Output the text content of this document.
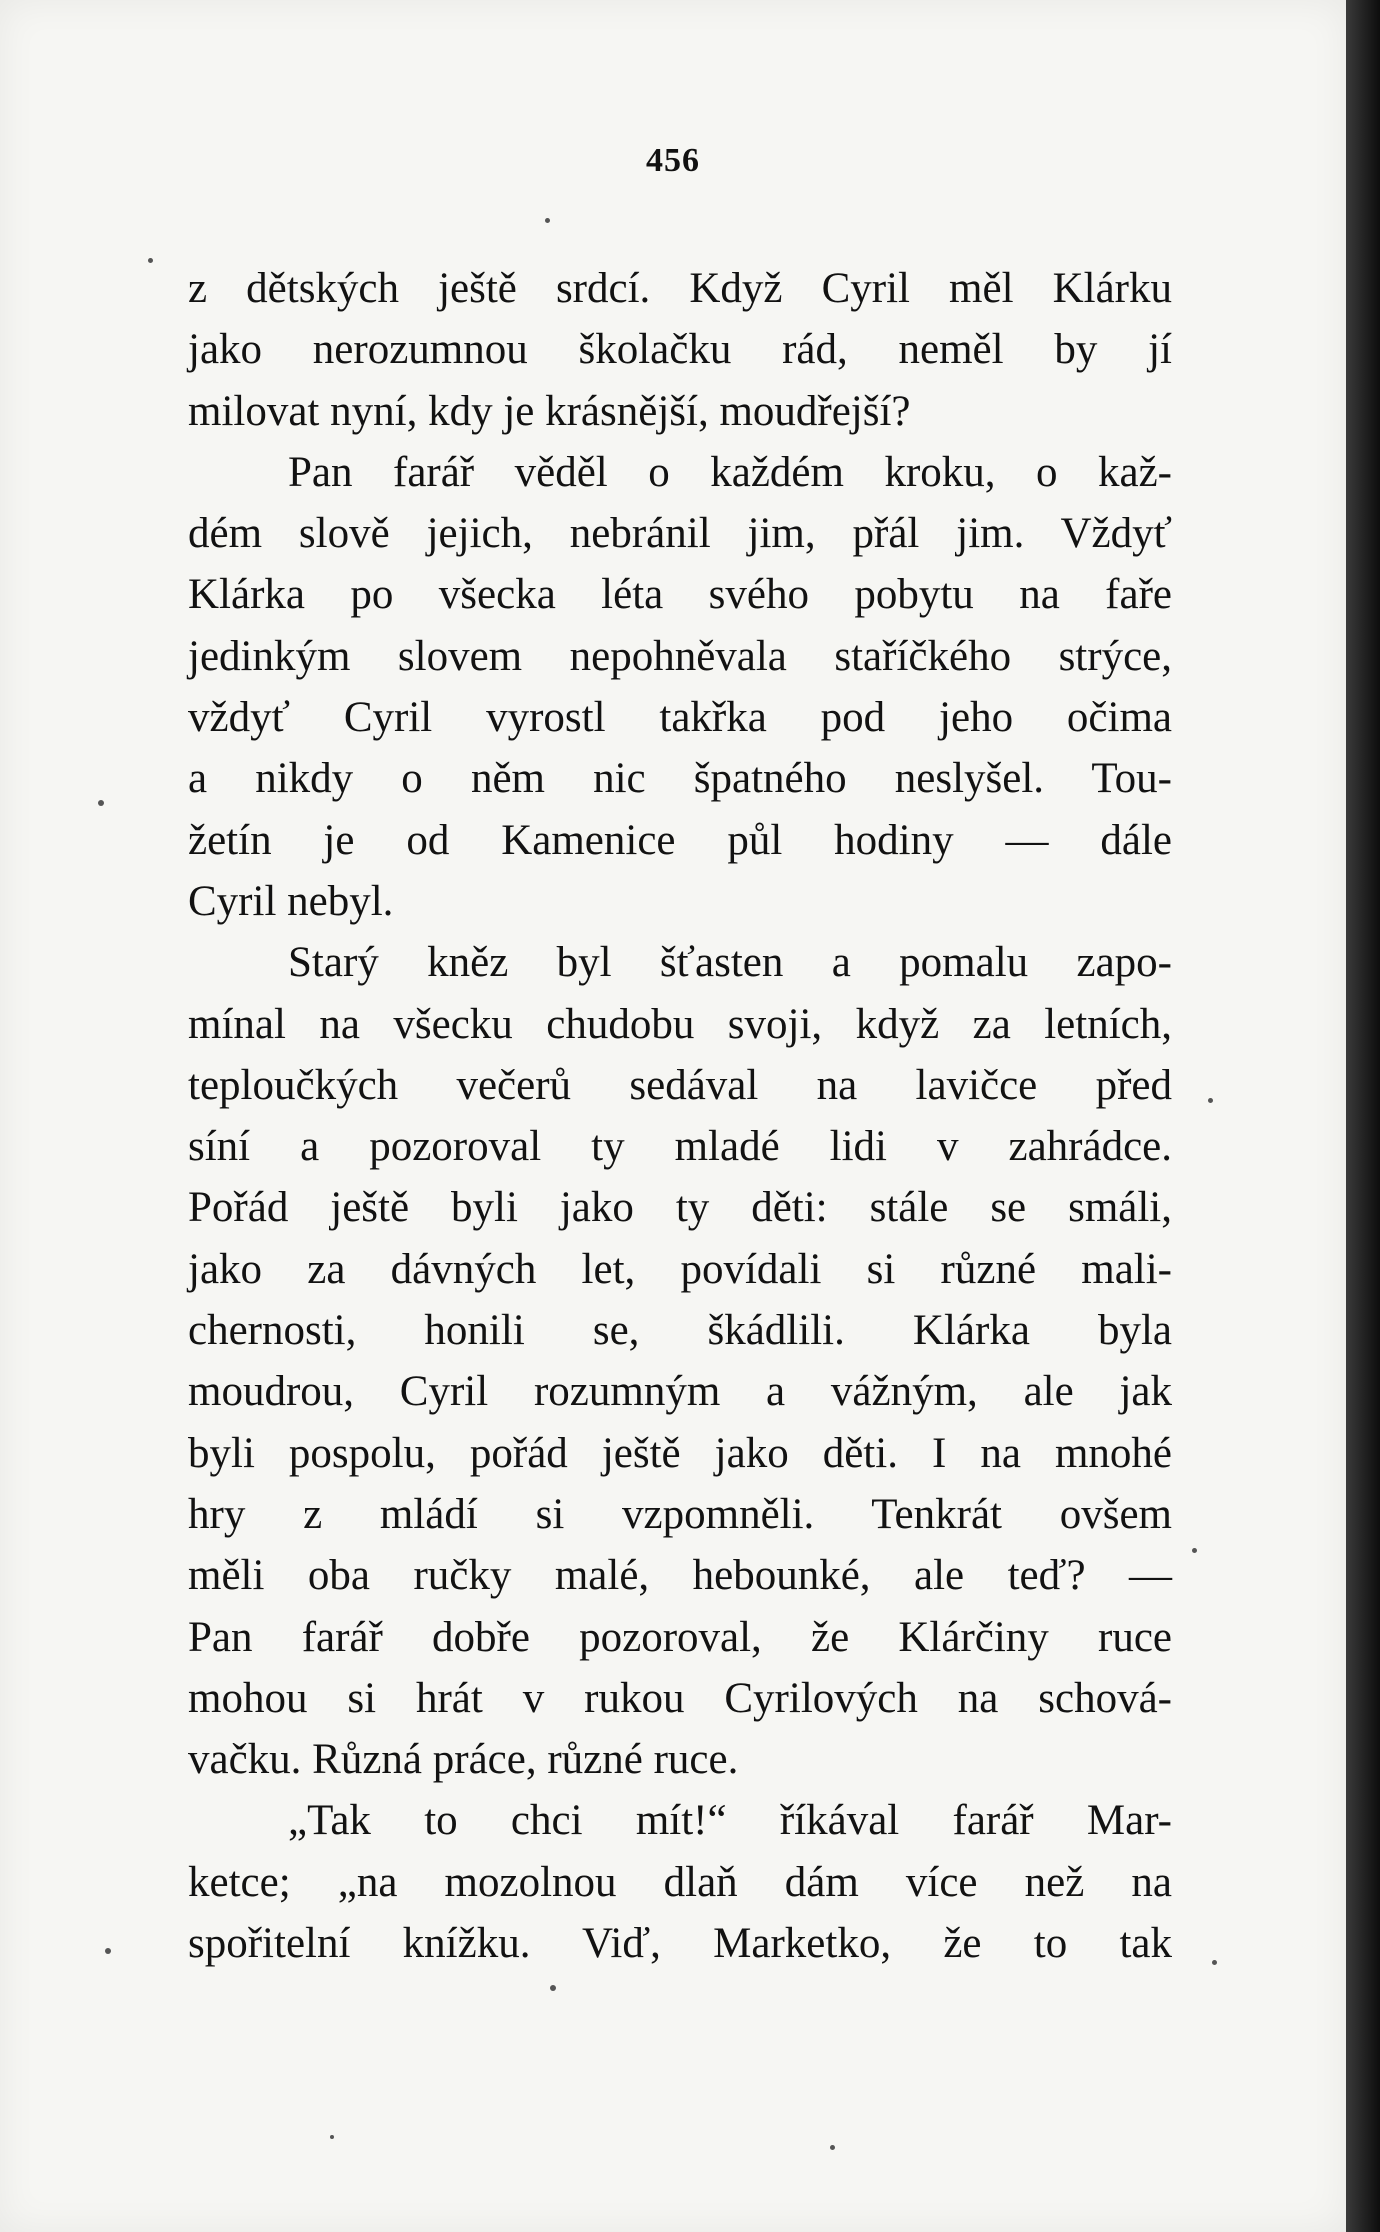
456
z dětských ještě srdcí. Když Cyril měl Klárku
jako nerozumnou školačku rád, neměl by jí
milovat nyní, kdy je krásnější, moudřejší?
Pan farář věděl o každém kroku, o kaž-
dém slově jejich, nebránil jim, přál jim. Vždyť
Klárka po všecka léta svého pobytu na faře
jedinkým slovem nepohněvala staříčkého strýce,
vždyť Cyril vyrostl takřka pod jeho očima
a nikdy o něm nic špatného neslyšel. Tou-
žetín je od Kamenice půl hodiny — dále
Cyril nebyl.
Starý kněz byl šťasten a pomalu zapo-
mínal na všecku chudobu svoji, když za letních,
teploučkých večerů sedával na lavičce před
síní a pozoroval ty mladé lidi v zahrádce.
Pořád ještě byli jako ty děti: stále se smáli,
jako za dávných let, povídali si různé mali-
chernosti, honili se, škádlili. Klárka byla
moudrou, Cyril rozumným a vážným, ale jak
byli pospolu, pořád ještě jako děti. I na mnohé
hry z mládí si vzpomněli. Tenkrát ovšem
měli oba ručky malé, hebounké, ale teď? —
Pan farář dobře pozoroval, že Klárčiny ruce
mohou si hrát v rukou Cyrilových na schová-
vačku. Různá práce, různé ruce.
„Tak to chci mít!“ říkával farář Mar-
ketce; „na mozolnou dlaň dám více než na
spořitelní knížku. Viď, Marketko, že to tak
